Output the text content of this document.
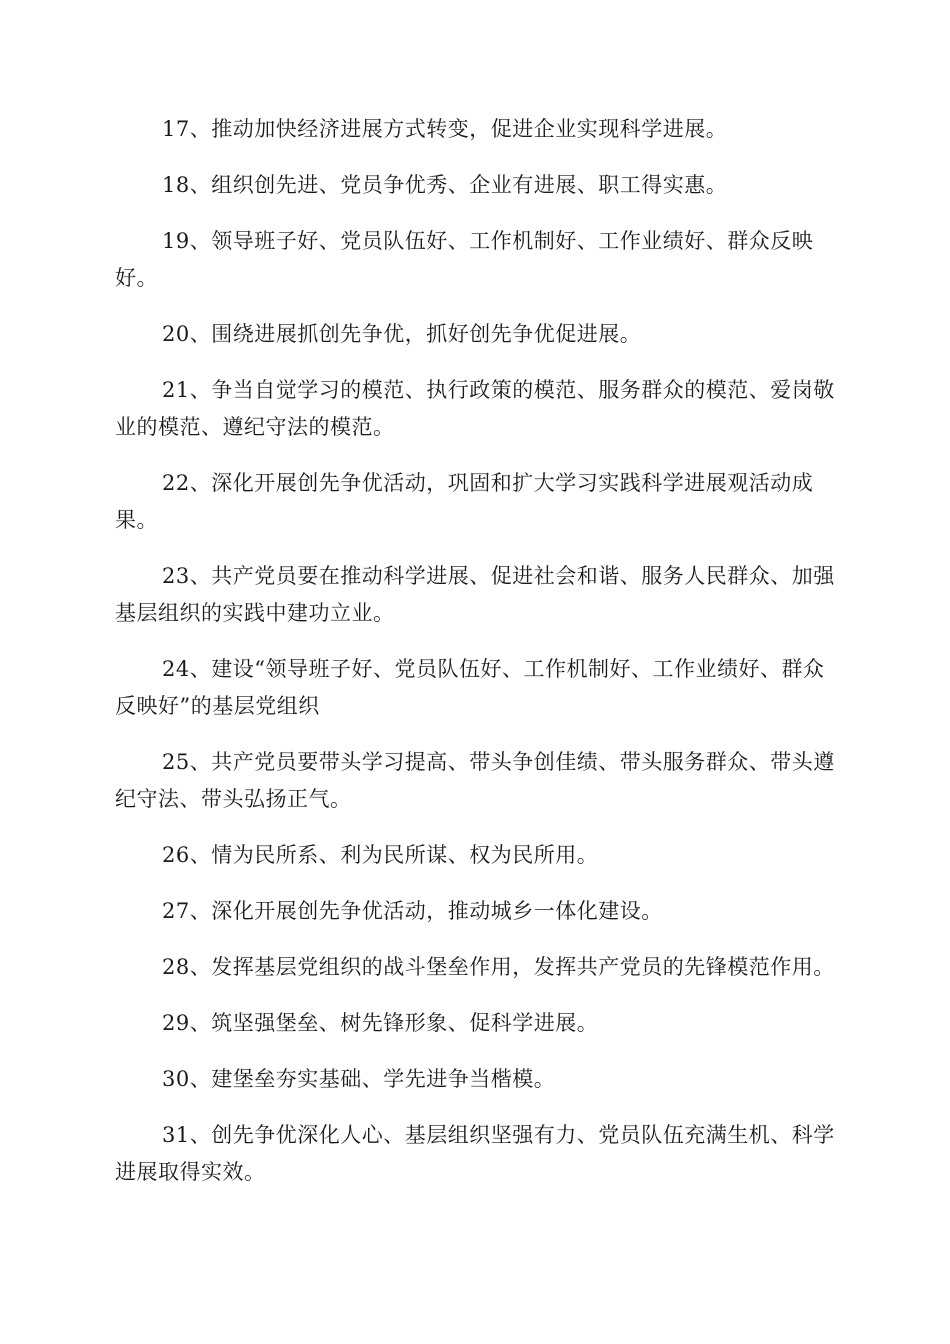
17、推动加快经济进展方式转变，促进企业实现科学进展。

18、组织创先进、党员争优秀、企业有进展、职工得实惠。

19、领导班子好、党员队伍好、工作机制好、工作业绩好、群众反映好。

20、围绕进展抓创先争优，抓好创先争优促进展。

21、争当自觉学习的模范、执行政策的模范、服务群众的模范、爱岗敬业的模范、遵纪守法的模范。

22、深化开展创先争优活动，巩固和扩大学习实践科学进展观活动成果。

23、共产党员要在推动科学进展、促进社会和谐、服务人民群众、加强基层组织的实践中建功立业。

24、建设“领导班子好、党员队伍好、工作机制好、工作业绩好、群众反映好”的基层党组织

25、共产党员要带头学习提高、带头争创佳绩、带头服务群众、带头遵纪守法、带头弘扬正气。

26、情为民所系、利为民所谋、权为民所用。

27、深化开展创先争优活动，推动城乡一体化建设。

28、发挥基层党组织的战斗堡垒作用，发挥共产党员的先锋模范作用。

29、筑坚强堡垒、树先锋形象、促科学进展。

30、建堡垒夯实基础、学先进争当楷模。

31、创先争优深化人心、基层组织坚强有力、党员队伍充满生机、科学进展取得实效。
